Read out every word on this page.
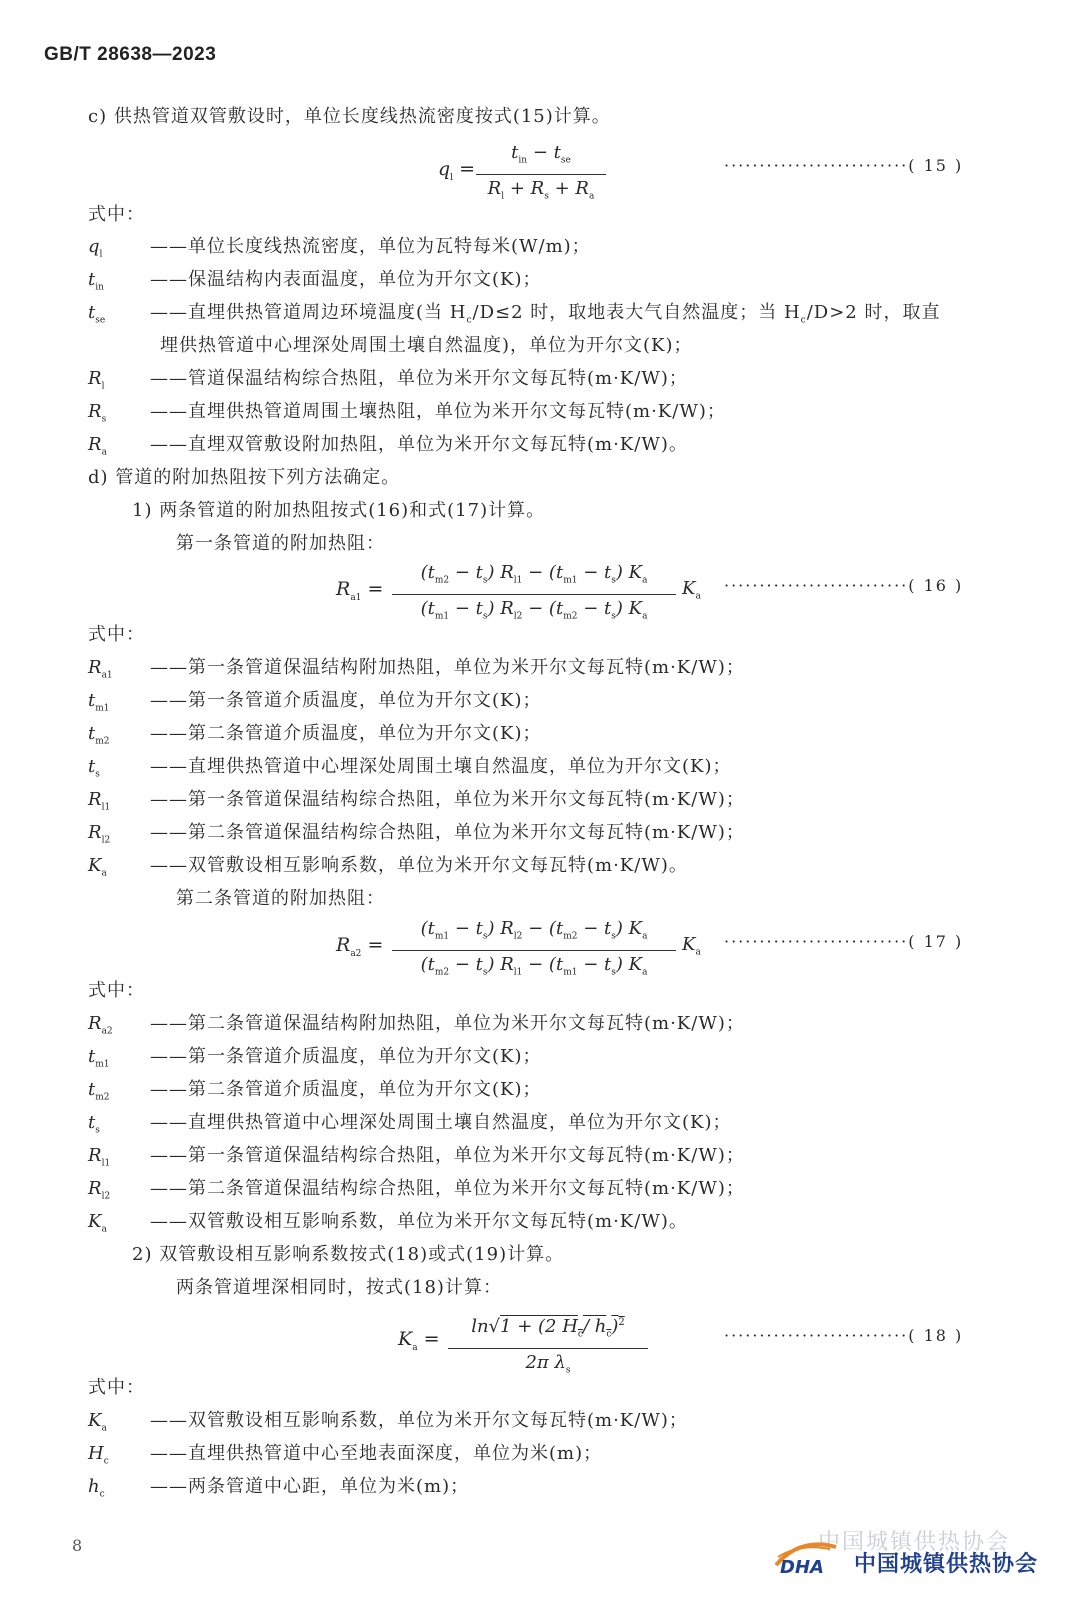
GB/T 28638—2023
c) 供热管道双管敷设时，单位长度线热流密度按式(15)计算。
$q_l$ =
$t_{in} - t_{se}$
$R_l + R_s + R_a$
··························( 15 )
式中：
$q_l$	——单位长度线热流密度，单位为瓦特每米(W/m)；
$t_{in}$	——保温结构内表面温度，单位为开尔文(K)；
$t_{se}$ ——直埋供热管道周边环境温度(当 $H_c/D\le 2$ 时，取地表大气自然温度；当 $H_c/D>2$ 时，取直
埋供热管道中心埋深处周围土壤自然温度)，单位为开尔文(K)；
$R_l$	——管道保温结构综合热阻，单位为米开尔文每瓦特(m·K/W)；
$R_s$ ——直埋供热管道周围土壤热阻，单位为米开尔文每瓦特(m·K/W)；
$R_a$ ——直埋双管敷设附加热阻，单位为米开尔文每瓦特(m·K/W)。
d) 管道的附加热阻按下列方法确定。
1) 两条管道的附加热阻按式(16)和式(17)计算。
第一条管道的附加热阻：
$R_{a1}$ =
$(t_{m2} - t_s) R_{l1} - (t_{m1} - t_s)$ $K_a$
$(t_{m1} - t_s) R_{l2} - (t_{m2} - t_s)$ $K_a$
$K_a$
··························( 16 )
式中：
$R_{a1}$ ——第一条管道保温结构附加热阻，单位为米开尔文每瓦特(m·K/W)；
$t_{m1}$ ——第一条管道介质温度，单位为开尔文(K)；
$t_{m2}$ ——第二条管道介质温度，单位为开尔文(K)；
$t_s$	——直埋供热管道中心埋深处周围土壤自然温度，单位为开尔文(K)；
$R_{l1}$ ——第一条管道保温结构综合热阻，单位为米开尔文每瓦特(m·K/W)；
$R_{l2}$ ——第二条管道保温结构综合热阻，单位为米开尔文每瓦特(m·K/W)；
$K_a$ ——双管敷设相互影响系数，单位为米开尔文每瓦特(m·K/W)。
第二条管道的附加热阻：
$R_{a2}$ =
$(t_{m1} - t_s) R_{l2} - (t_{m2} - t_s)$ $K_a$
$(t_{m2} - t_s) R_{l1} - (t_{m1} - t_s)$ $K_a$
$K_a$
··························( 17 )
式中：
$R_{a2}$ ——第二条管道保温结构附加热阻，单位为米开尔文每瓦特(m·K/W)；
$t_{m1}$ ——第一条管道介质温度，单位为开尔文(K)；
$t_{m2}$ ——第二条管道介质温度，单位为开尔文(K)；
$t_s$	——直埋供热管道中心埋深处周围土壤自然温度，单位为开尔文(K)；
$R_{l1}$ ——第一条管道保温结构综合热阻，单位为米开尔文每瓦特(m·K/W)；
$R_{l2}$ ——第二条管道保温结构综合热阻，单位为米开尔文每瓦特(m·K/W)；
$K_a$ ——双管敷设相互影响系数，单位为米开尔文每瓦特(m·K/W)。
2) 双管敷设相互影响系数按式(18)或式(19)计算。
两条管道埋深相同时，按式(18)计算：
$K_a$ =
ln√1 + (2 $H_c/$ $h_c)^2$
2π $\lambda_s$
··························( 18 )
式中：
$K_a$ ——双管敷设相互影响系数，单位为米开尔文每瓦特(m·K/W)；
$H_c$ ——直埋供热管道中心至地表面深度，单位为米(m)；
$h_c$	——两条管道中心距，单位为米(m)；
8	中国城镇供热协会
DHA 中国城镇供热协会
